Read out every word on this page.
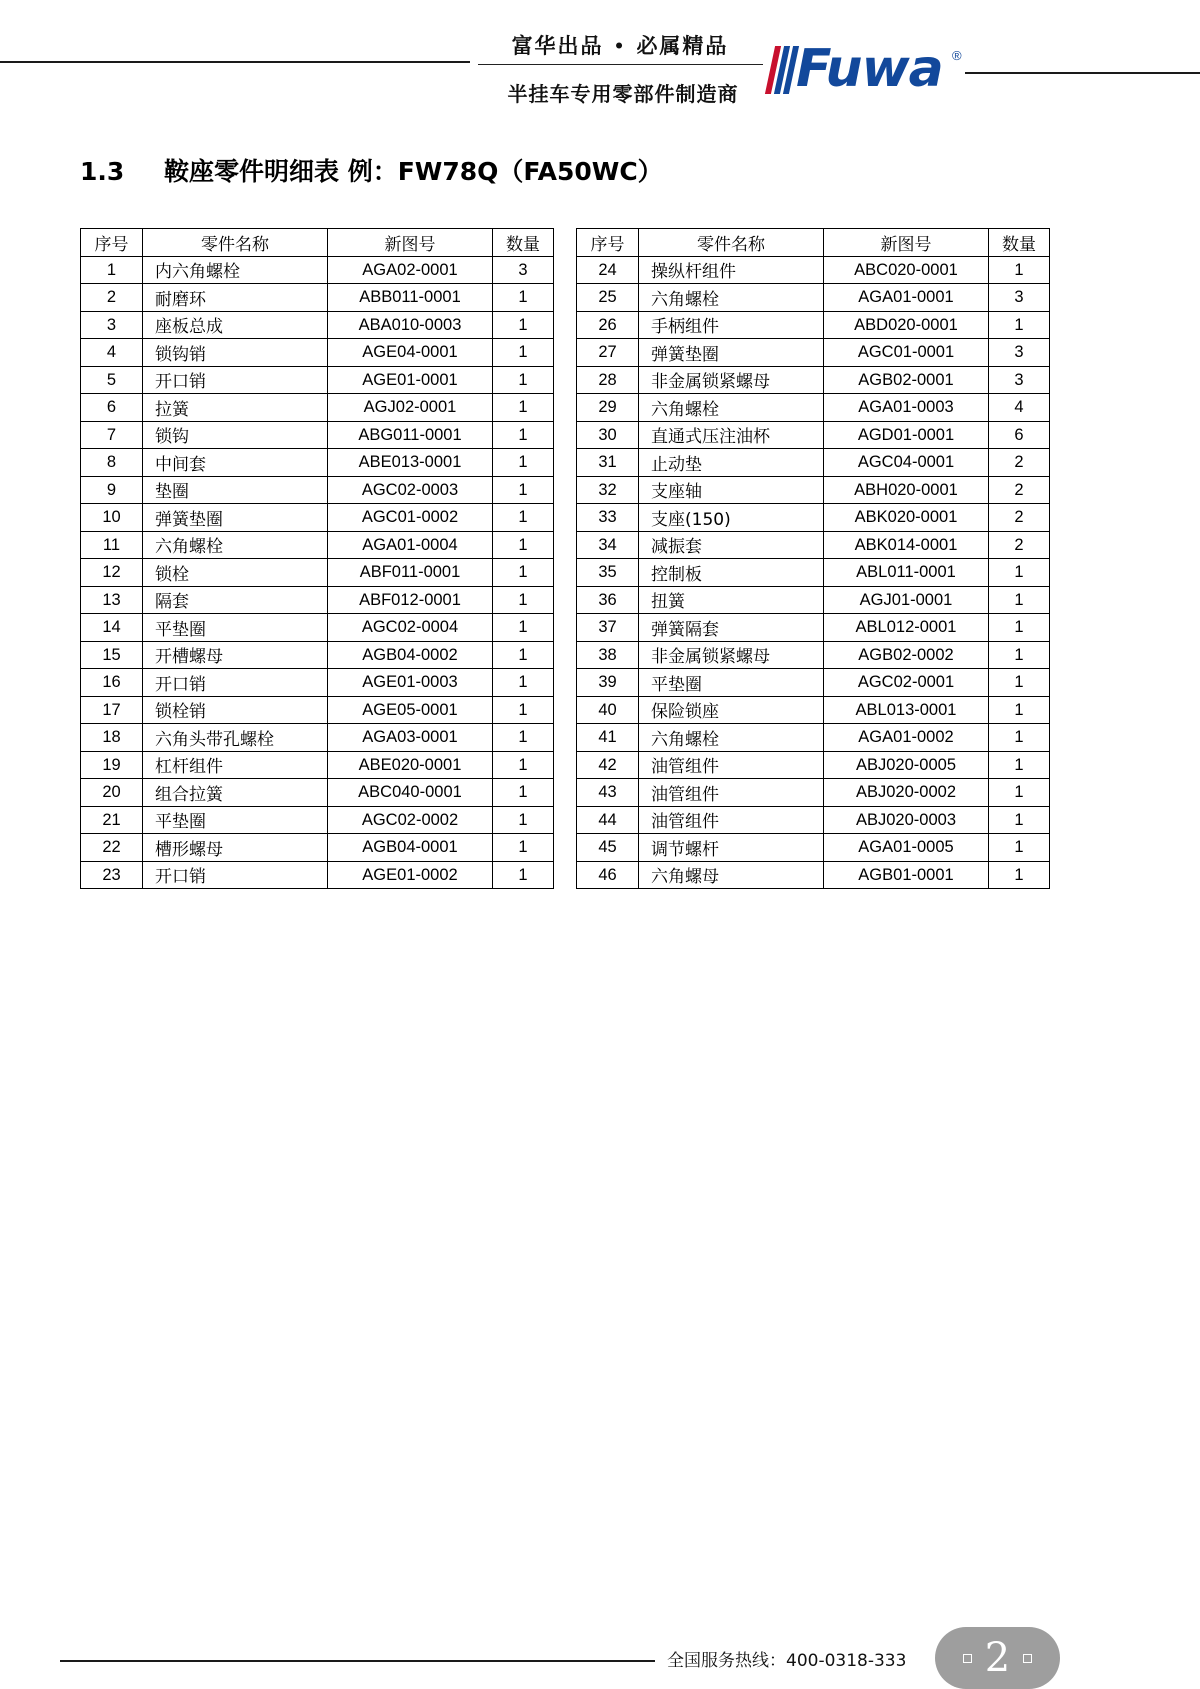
富华出品 • 必属精品
半挂车专用零部件制造商	Fuwa ®
1.3 鞍座零件明细表 例：FW78Q（FA50WC）
序号	零件名称	新图号	数量
1	内六角螺栓	AGA02-0001	3
2	耐磨环	ABB011-0001	1
3	座板总成	ABA010-0003	1
4	锁钩销	AGE04-0001	1
5	开口销	AGE01-0001	1
6	拉簧	AGJ02-0001	1
7	锁钩	ABG011-0001	1
8	中间套	ABE013-0001	1
9	垫圈	AGC02-0003	1
10	弹簧垫圈	AGC01-0002	1
11	六角螺栓	AGA01-0004	1
12	锁栓	ABF011-0001	1
13	隔套	ABF012-0001	1
14	平垫圈	AGC02-0004	1
15	开槽螺母	AGB04-0002	1
16	开口销	AGE01-0003	1
17	锁栓销	AGE05-0001	1
18	六角头带孔螺栓	AGA03-0001	1
19	杠杆组件	ABE020-0001	1
20	组合拉簧	ABC040-0001	1
21	平垫圈	AGC02-0002	1
22	槽形螺母	AGB04-0001	1
23	开口销	AGE01-0002	1
序号	零件名称	新图号	数量
24	操纵杆组件	ABC020-0001	1
25	六角螺栓	AGA01-0001	3
26	手柄组件	ABD020-0001	1
27	弹簧垫圈	AGC01-0001	3
28	非金属锁紧螺母	AGB02-0001	3
29	六角螺栓	AGA01-0003	4
30	直通式压注油杯	AGD01-0001	6
31	止动垫	AGC04-0001	2
32	支座轴	ABH020-0001	2
33	支座(150)	ABK020-0001	2
34	减振套	ABK014-0001	2
35	控制板	ABL011-0001	1
36	扭簧	AGJ01-0001	1
37	弹簧隔套	ABL012-0001	1
38	非金属锁紧螺母	AGB02-0002	1
39	平垫圈	AGC02-0001	1
40	保险锁座	ABL013-0001	1
41	六角螺栓	AGA01-0002	1
42	油管组件	ABJ020-0005	1
43	油管组件	ABJ020-0002	1
44	油管组件	ABJ020-0003	1
45	调节螺杆	AGA01-0005	1
46	六角螺母	AGB01-0001	1
全国服务热线：400-0318-333	2
